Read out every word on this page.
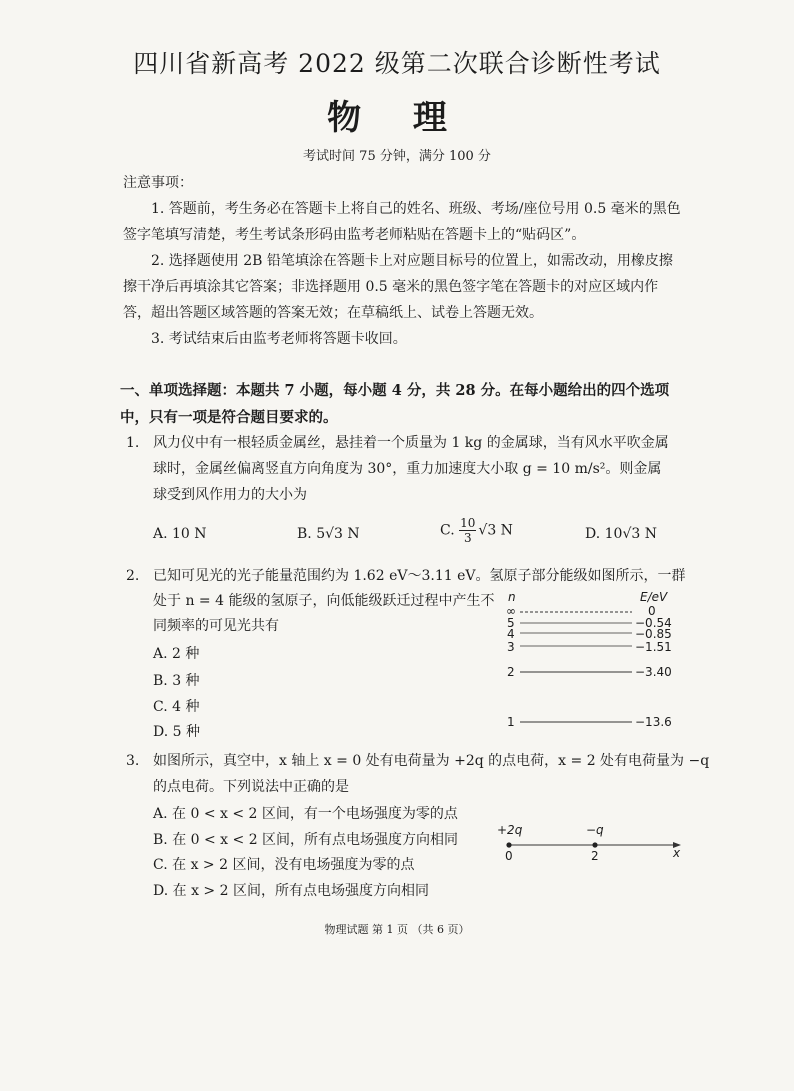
四川省新高考 2022 级第二次联合诊断性考试
物 理
考试时间 75 分钟，满分 100 分
注意事项：
1. 答题前，考生务必在答题卡上将自己的姓名、班级、考场/座位号用 0.5 毫米的黑色签字笔填写清楚，考生考试条形码由监考老师粘贴在答题卡上的“贴码区”。
2. 选择题使用 2B 铅笔填涂在答题卡上对应题目标号的位置上，如需改动，用橡皮擦擦干净后再填涂其它答案；非选择题用 0.5 毫米的黑色签字笔在答题卡的对应区域内作答，超出答题区域答题的答案无效；在草稿纸上、试卷上答题无效。
3. 考试结束后由监考老师将答题卡收回。
一、单项选择题：本题共 7 小题，每小题 4 分，共 28 分。在每小题给出的四个选项中，只有一项是符合题目要求的。
1. 风力仪中有一根轻质金属丝，悬挂着一个质量为 1 kg 的金属球，当有风水平吹金属球时，金属丝偏离竖直方向角度为 30°，重力加速度大小取 g = 10 m/s²。则金属球受到风作用力的大小为
A. 10 N	B. 5√3 N	C. $\frac{10}{3} √3$ N	D. 10√3 N
2. 已知可见光的光子能量范围约为 1.62 eV～3.11 eV。氢原子部分能级如图所示，一群
处于 n = 4 能级的氢原子，向低能级跃迁过程中产生不
同频率的可见光共有
A. 2 种
B. 3 种
C. 4 种
D. 5 种
n	E/eV
∞	0
5	−0.54
4	−0.85
3	−1.51
2	−3.40
1	−13.6
3. 如图所示，真空中，x 轴上 x = 0 处有电荷量为 +2q 的点电荷，x = 2 处有电荷量为 −q
的点电荷。下列说法中正确的是
A. 在 0 < x < 2 区间，有一个电场强度为零的点
B. 在 0 < x < 2 区间，所有点电场强度方向相同
C. 在 x > 2 区间，没有电场强度为零的点
D. 在 x > 2 区间，所有点电场强度方向相同
+2q	−q
0	2	x
物理试题 第 1 页 （共 6 页）
